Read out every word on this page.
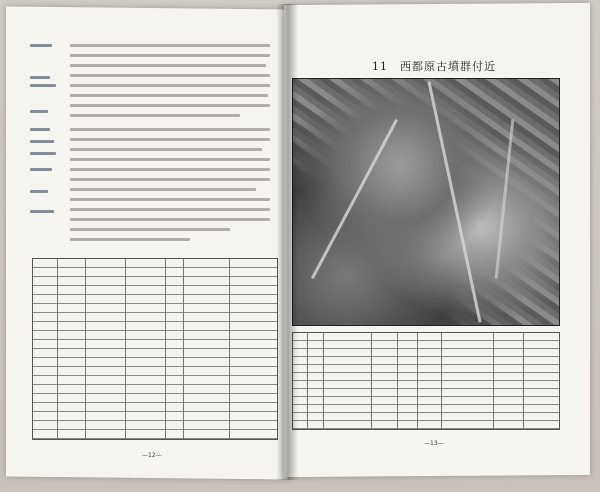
—12—
11　西都原古墳群付近
—13—
